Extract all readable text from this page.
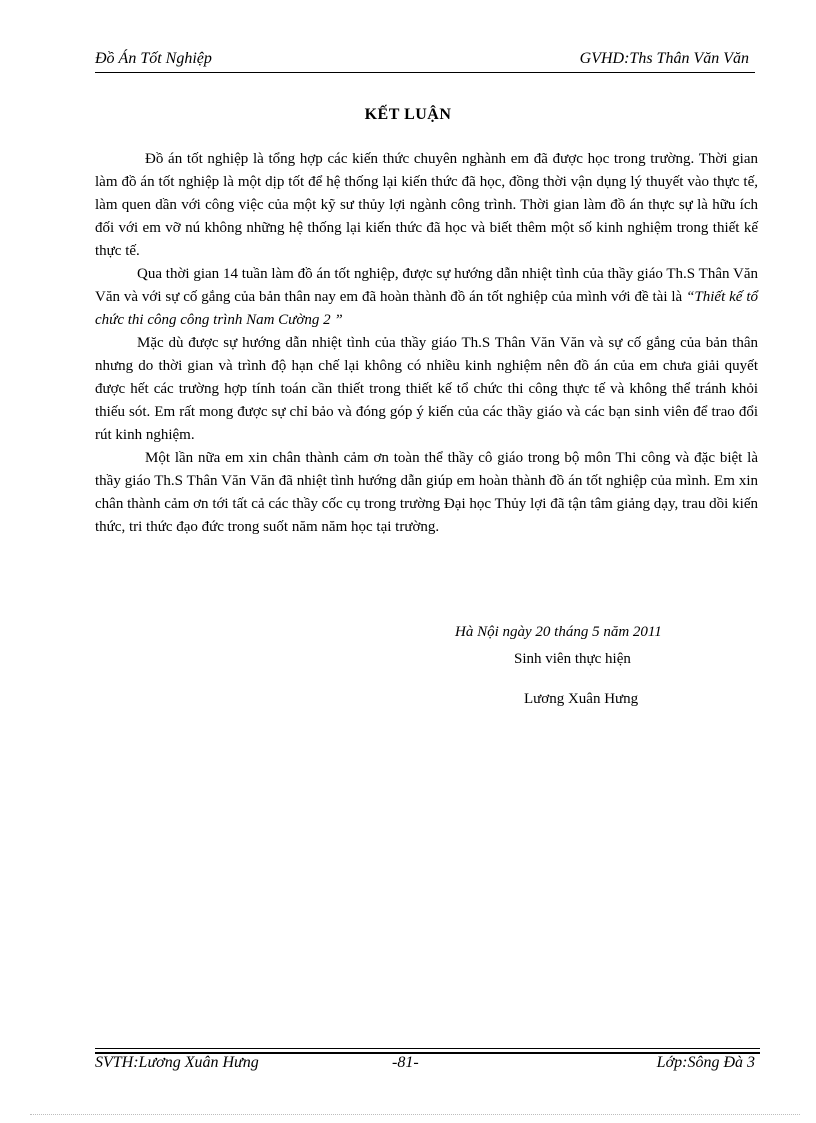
Đồ Án Tốt Nghiệp	GVHD:Ths Thân Văn Văn
KẾT LUẬN

Đồ án tốt nghiệp là tổng hợp các kiến thức chuyên nghành em đã được học trong trường. Thời gian làm đồ án tốt nghiệp là một dịp tốt để hệ thống lại kiến thức đã học, đồng thời vận dụng lý thuyết vào thực tế, làm quen dần với công việc của một kỹ sư thủy lợi ngành công trình. Thời gian làm đồ án thực sự là hữu ích đối với em vỡ nú không những hệ thống lại kiến thức đã học và biết thêm một số kinh nghiệm trong thiết kế thực tế.

Qua thời gian 14 tuần làm đồ án tốt nghiệp, được sự hướng dẫn nhiệt tình của thầy giáo Th.S Thân Văn Văn và với sự cố gắng của bản thân nay em đã hoàn thành đồ án tốt nghiệp của mình với đề tài là “Thiết kế tổ chức thi công công trình Nam Cường 2 ”

Mặc dù được sự hướng dẫn nhiệt tình của thầy giáo Th.S Thân Văn Văn và sự cố gắng của bản thân nhưng do thời gian và trình độ hạn chế lại không có nhiều kinh nghiệm nên đồ án của em chưa giải quyết được hết các trường hợp tính toán cần thiết trong thiết kế tổ chức thi công thực tế và không thể tránh khỏi thiếu sót. Em rất mong được sự chỉ bảo và đóng góp ý kiến của các thầy giáo và các bạn sinh viên để trao đổi rút kinh nghiệm.

Một lần nữa em xin chân thành cảm ơn toàn thể thầy cô giáo trong bộ môn Thi công và đặc biệt là thầy giáo Th.S Thân Văn Văn đã nhiệt tình hướng dẫn giúp em hoàn thành đồ án tốt nghiệp của mình. Em xin chân thành cảm ơn tới tất cả các thầy cốc cụ trong trường Đại học Thủy lợi đã tận tâm giảng dạy, trau dồi kiến thức, tri thức đạo đức trong suốt năm năm học tại trường.

Hà Nội ngày 20 tháng 5 năm 2011
Sinh viên thực hiện
Lương Xuân Hưng
SVTH:Lương Xuân Hưng	-81-	Lớp:Sông Đà 3
